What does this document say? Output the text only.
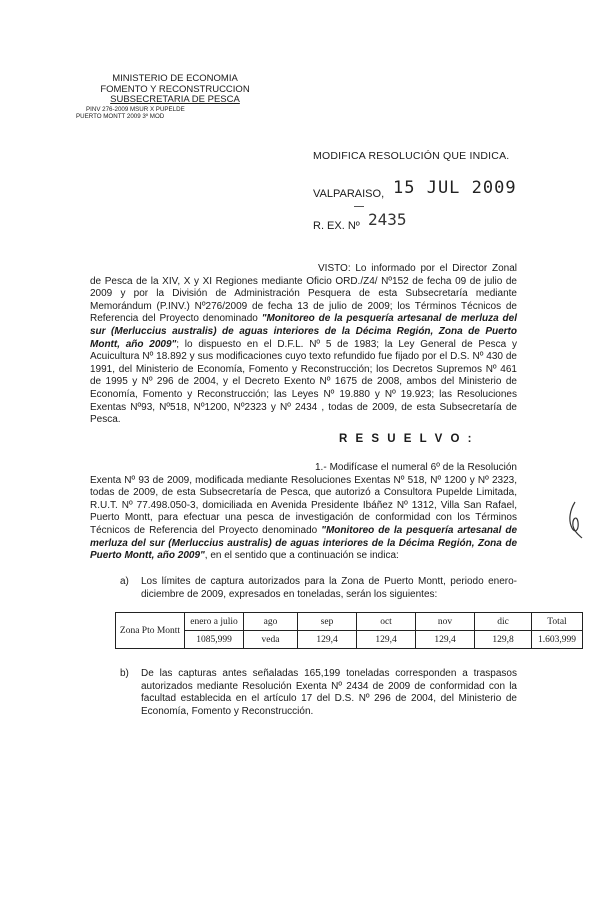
MINISTERIO DE ECONOMIA
FOMENTO Y RECONSTRUCCION
SUBSECRETARIA DE PESCA
PINV 276-2009 MSUR X PUPELDE
PUERTO MONTT 2009 3º MOD
MODIFICA RESOLUCIÓN QUE INDICA.
VALPARAISO, 15 JUL 2009
R. EX. Nº 2435
VISTO: Lo informado por el Director Zonal de Pesca de la XIV, X y XI Regiones mediante Oficio ORD./Z4/ Nº152 de fecha 09 de julio de 2009 y por la División de Administración Pesquera de esta Subsecretaría mediante Memorándum (P.INV.) Nº276/2009 de fecha 13 de julio de 2009; los Términos Técnicos de Referencia del Proyecto denominado "Monitoreo de la pesquería artesanal de merluza del sur (Merluccius australis) de aguas interiores de la Décima Región, Zona de Puerto Montt, año 2009"; lo dispuesto en el D.F.L. Nº 5 de 1983; la Ley General de Pesca y Acuicultura Nº 18.892 y sus modificaciones cuyo texto refundido fue fijado por el D.S. Nº 430 de 1991, del Ministerio de Economía, Fomento y Reconstrucción; los Decretos Supremos Nº 461 de 1995 y Nº 296 de 2004, y el Decreto Exento Nº 1675 de 2008, ambos del Ministerio de Economía, Fomento y Reconstrucción; las Leyes Nº 19.880 y Nº 19.923; las Resoluciones Exentas Nº93, Nº518, Nº1200, Nº2323 y Nº 2434 , todas de 2009, de esta Subsecretaría de Pesca.
R E S U E L V O :
1.- Modifícase el numeral 6º de la Resolución Exenta Nº 93 de 2009, modificada mediante Resoluciones Exentas Nº 518, Nº 1200 y Nº 2323, todas de 2009, de esta Subsecretaría de Pesca, que autorizó a Consultora Pupelde Limitada, R.U.T. Nº 77.498.050-3, domiciliada en Avenida Presidente Ibáñez Nº 1312, Villa San Rafael, Puerto Montt, para efectuar una pesca de investigación de conformidad con los Términos Técnicos de Referencia del Proyecto denominado "Monitoreo de la pesquería artesanal de merluza del sur (Merluccius australis) de aguas interiores de la Décima Región, Zona de Puerto Montt, año 2009", en el sentido que a continuación se indica:
a)	Los límites de captura autorizados para la Zona de Puerto Montt, periodo enero-diciembre de 2009, expresados en toneladas, serán los siguientes:
Zona Pto Montt	enero a julio	ago	sep	oct	nov	dic	Total
	1085,999	veda	129,4	129,4	129,4	129,8	1.603,999
b)	De las capturas antes señaladas 165,199 toneladas corresponden a traspasos autorizados mediante Resolución Exenta Nº 2434 de 2009 de conformidad con la facultad establecida en el artículo 17 del D.S. Nº 296 de 2004, del Ministerio de Economía, Fomento y Reconstrucción.
